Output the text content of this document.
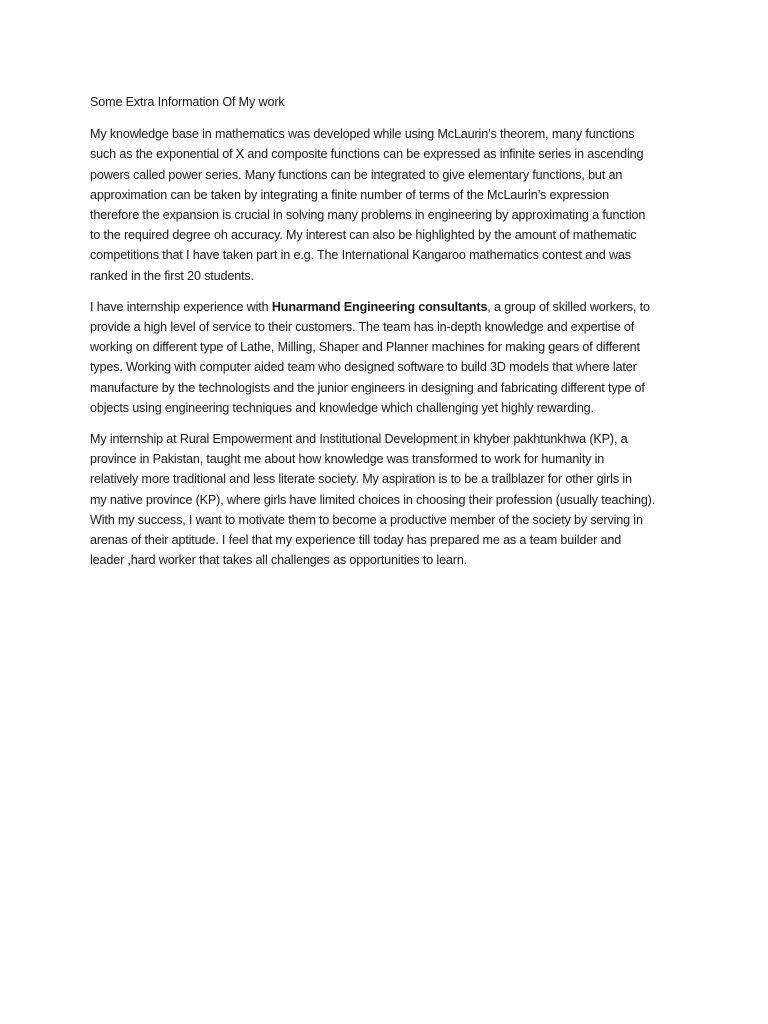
Some Extra Information Of My work
My knowledge base in mathematics was developed while using McLaurin’s theorem, many functions
such as the exponential of X and composite functions can be expressed as infinite series in ascending
powers called power series. Many functions can be integrated to give elementary functions, but an
approximation can be taken by integrating a finite number of terms of the McLaurin’s expression
therefore the expansion is crucial in solving many problems in engineering by approximating a function
to the required degree oh accuracy. My interest can also be highlighted by the amount of mathematic
competitions that I have taken part in e.g. The International Kangaroo mathematics contest and was
ranked in the first 20 students.
I have internship experience with Hunarmand Engineering consultants, a group of skilled workers, to
provide a high level of service to their customers. The team has in-depth knowledge and expertise of
working on different type of Lathe, Milling, Shaper and Planner machines for making gears of different
types. Working with computer aided team who designed software to build 3D models that where later
manufacture by the technologists and the junior engineers in designing and fabricating different type of
objects using engineering techniques and knowledge which challenging yet highly rewarding.
My internship at Rural Empowerment and Institutional Development in khyber pakhtunkhwa (KP), a
province in Pakistan, taught me about how knowledge was transformed to work for humanity in
relatively more traditional and less literate society. My aspiration is to be a trailblazer for other girls in
my native province (KP), where girls have limited choices in choosing their profession (usually teaching).
With my success, I want to motivate them to become a productive member of the society by serving in
arenas of their aptitude. I feel that my experience till today has prepared me as a team builder and
leader ,hard worker that takes all challenges as opportunities to learn.
